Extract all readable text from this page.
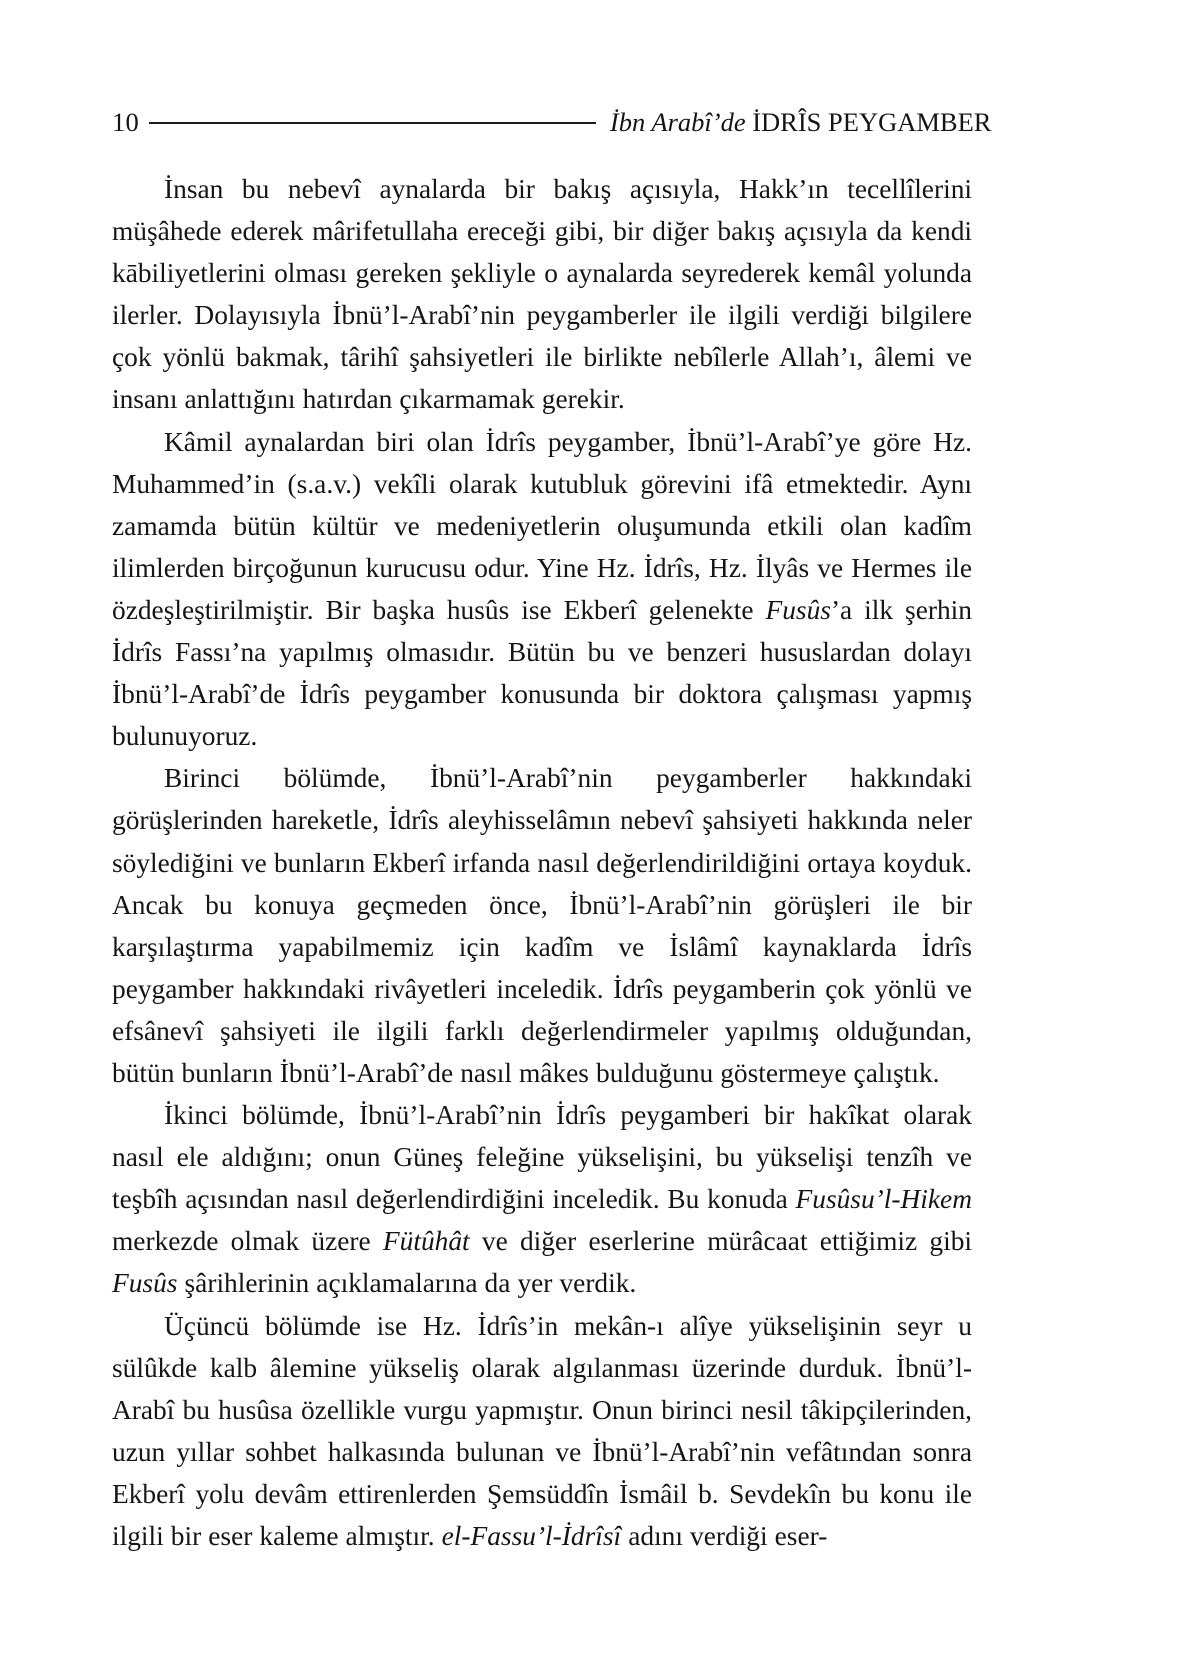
10	İbn Arabî’de İDRÎS PEYGAMBER

İnsan bu nebevî aynalarda bir bakış açısıyla, Hakk’ın tecellîlerini müşâhede ederek mârifetullaha ereceği gibi, bir diğer bakış açısıyla da kendi kābiliyetlerini olması gereken şekliyle o aynalarda seyrederek kemâl yolunda ilerler. Dolayısıyla İbnü’l-Arabî’nin peygamberler ile ilgili verdiği bilgilere çok yönlü bakmak, târihî şahsiyetleri ile birlikte nebîlerle Allah’ı, âlemi ve insanı anlattığını hatırdan çıkarmamak gerekir.

Kâmil aynalardan biri olan İdrîs peygamber, İbnü’l-Arabî’ye göre Hz. Muhammed’in (s.a.v.) vekîli olarak kutubluk görevini ifâ etmektedir. Aynı zamamda bütün kültür ve medeniyetlerin oluşumunda etkili olan kadîm ilimlerden birçoğunun kurucusu odur. Yine Hz. İdrîs, Hz. İlyâs ve Hermes ile özdeşleştirilmiştir. Bir başka husûs ise Ekberî gelenekte Fusûs’a ilk şerhin İdrîs Fassı’na yapılmış olmasıdır. Bütün bu ve benzeri hususlardan dolayı İbnü’l-Arabî’de İdrîs peygamber konusunda bir doktora çalışması yapmış bulunuyoruz.

Birinci bölümde, İbnü’l-Arabî’nin peygamberler hakkındaki görüşlerinden hareketle, İdrîs aleyhisselâmın nebevî şahsiyeti hakkında neler söylediğini ve bunların Ekberî irfanda nasıl değerlendirildiğini ortaya koyduk. Ancak bu konuya geçmeden önce, İbnü’l-Arabî’nin görüşleri ile bir karşılaştırma yapabilmemiz için kadîm ve İslâmî kaynaklarda İdrîs peygamber hakkındaki rivâyetleri inceledik. İdrîs peygamberin çok yönlü ve efsânevî şahsiyeti ile ilgili farklı değerlendirmeler yapılmış olduğundan, bütün bunların İbnü’l-Arabî’de nasıl mâkes bulduğunu göstermeye çalıştık.

İkinci bölümde, İbnü’l-Arabî’nin İdrîs peygamberi bir hakîkat olarak nasıl ele aldığını; onun Güneş feleğine yükselişini, bu yükselişi tenzîh ve teşbîh açısından nasıl değerlendirdiğini inceledik. Bu konuda Fusûsu’l-Hikem merkezde olmak üzere Fütûhât ve diğer eserlerine mürâcaat ettiğimiz gibi Fusûs şârihlerinin açıklamalarına da yer verdik.

Üçüncü bölümde ise Hz. İdrîs’in mekân-ı alîye yükselişinin seyr u sülûkde kalb âlemine yükseliş olarak algılanması üzerinde durduk. İbnü’l-Arabî bu husûsa özellikle vurgu yapmıştır. Onun birinci nesil tâkipçilerinden, uzun yıllar sohbet halkasında bulunan ve İbnü’l-Arabî’nin vefâtından sonra Ekberî yolu devâm ettirenlerden Şemsüddîn İsmâil b. Sevdekîn bu konu ile ilgili bir eser kaleme almıştır. el-Fassu’l-İdrîsî adını verdiği eser-
